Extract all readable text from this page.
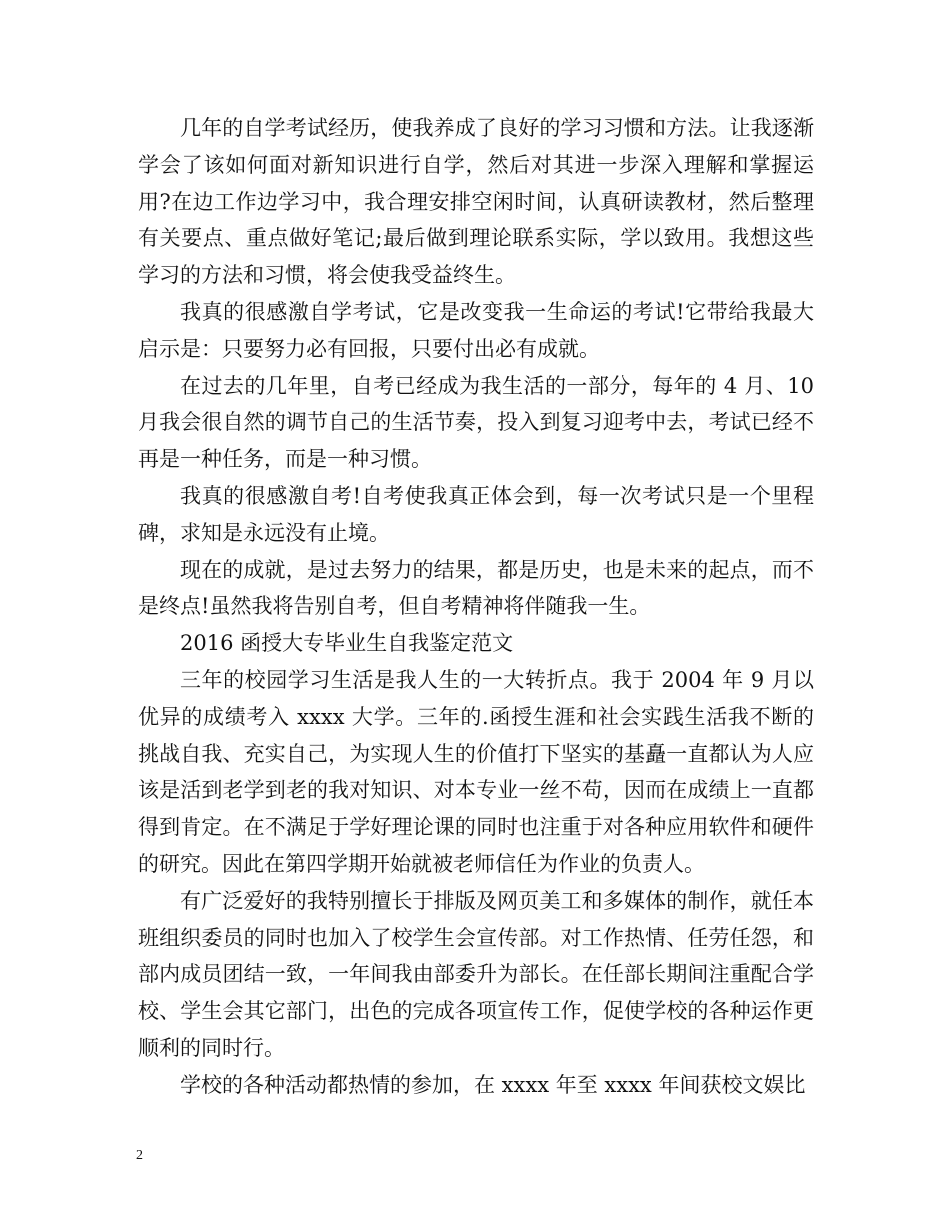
几年的自学考试经历，使我养成了良好的学习习惯和方法。让我逐渐学会了该如何面对新知识进行自学，然后对其进一步深入理解和掌握运用?在边工作边学习中，我合理安排空闲时间，认真研读教材，然后整理有关要点、重点做好笔记;最后做到理论联系实际，学以致用。我想这些学习的方法和习惯，将会使我受益终生。

我真的很感激自学考试，它是改变我一生命运的考试!它带给我最大启示是：只要努力必有回报，只要付出必有成就。

在过去的几年里，自考已经成为我生活的一部分，每年的 4 月、10 月我会很自然的调节自己的生活节奏，投入到复习迎考中去，考试已经不再是一种任务，而是一种习惯。

我真的很感激自考!自考使我真正体会到，每一次考试只是一个里程碑，求知是永远没有止境。

现在的成就，是过去努力的结果，都是历史，也是未来的起点，而不是终点!虽然我将告别自考，但自考精神将伴随我一生。

2016 函授大专毕业生自我鉴定范文

三年的校园学习生活是我人生的一大转折点。我于 2004 年 9 月以优异的成绩考入 xxxx 大学。三年的.函授生涯和社会实践生活我不断的挑战自我、充实自己，为实现人生的价值打下坚实的基矗一直都认为人应该是活到老学到老的我对知识、对本专业一丝不苟，因而在成绩上一直都得到肯定。在不满足于学好理论课的同时也注重于对各种应用软件和硬件的研究。因此在第四学期开始就被老师信任为作业的负责人。

有广泛爱好的我特别擅长于排版及网页美工和多媒体的制作，就任本班组织委员的同时也加入了校学生会宣传部。对工作热情、任劳任怨，和部内成员团结一致，一年间我由部委升为部长。在任部长期间注重配合学校、学生会其它部门，出色的完成各项宣传工作，促使学校的各种运作更顺利的同时行。

学校的各种活动都热情的参加，在 xxxx 年至 xxxx 年间获校文娱比

2
